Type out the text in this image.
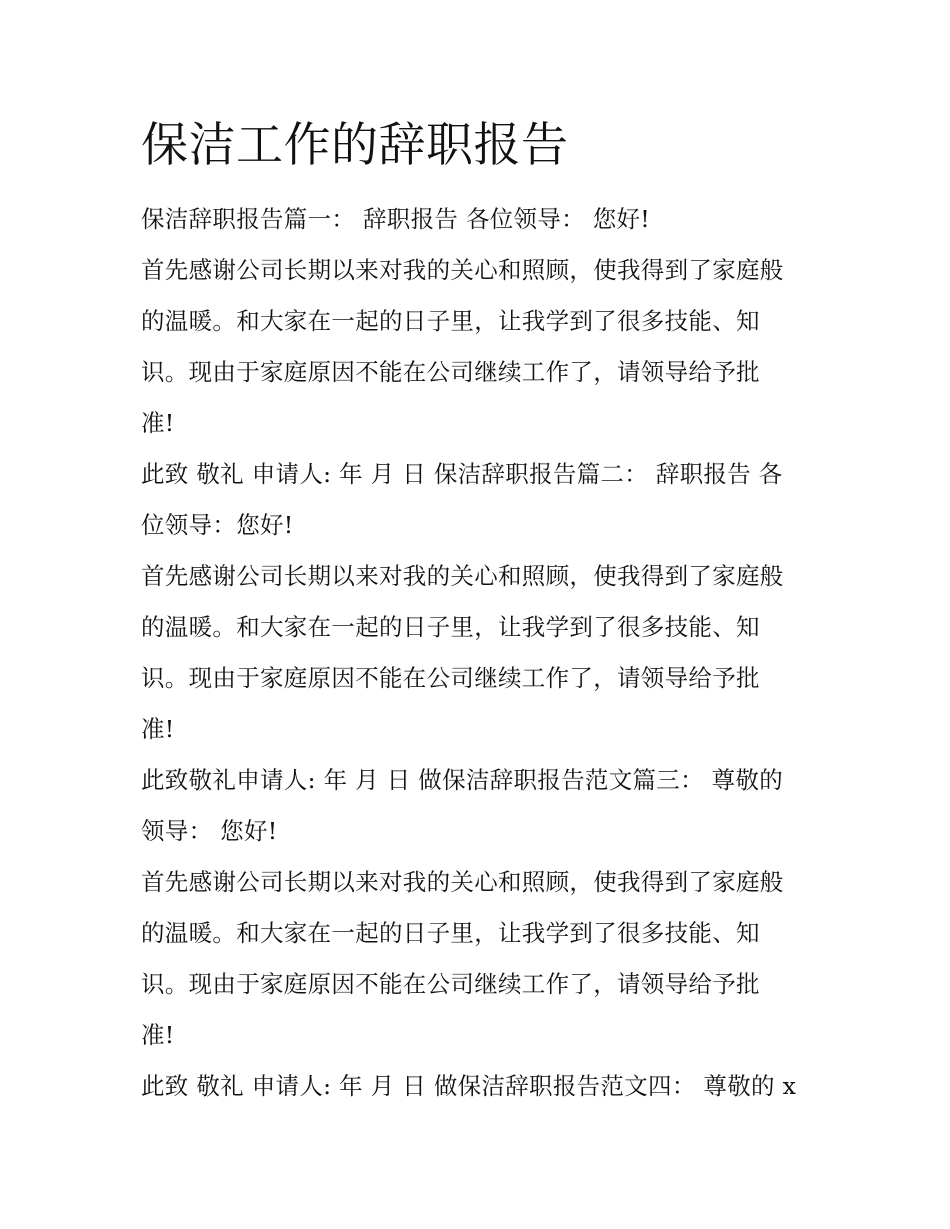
保洁工作的辞职报告

保洁辞职报告篇一： 辞职报告 各位领导： 您好!

首先感谢公司长期以来对我的关心和照顾，使我得到了家庭般

的温暖。和大家在一起的日子里，让我学到了很多技能、知

识。现由于家庭原因不能在公司继续工作了，请领导给予批

准!

此致 敬礼 申请人: 年 月 日 保洁辞职报告篇二： 辞职报告 各

位领导：您好!

首先感谢公司长期以来对我的关心和照顾，使我得到了家庭般

的温暖。和大家在一起的日子里，让我学到了很多技能、知

识。现由于家庭原因不能在公司继续工作了，请领导给予批

准!

此致敬礼申请人: 年 月 日 做保洁辞职报告范文篇三： 尊敬的

领导： 您好!

首先感谢公司长期以来对我的关心和照顾，使我得到了家庭般

的温暖。和大家在一起的日子里，让我学到了很多技能、知

识。现由于家庭原因不能在公司继续工作了，请领导给予批

准!

此致 敬礼 申请人: 年 月 日 做保洁辞职报告范文四： 尊敬的 x
